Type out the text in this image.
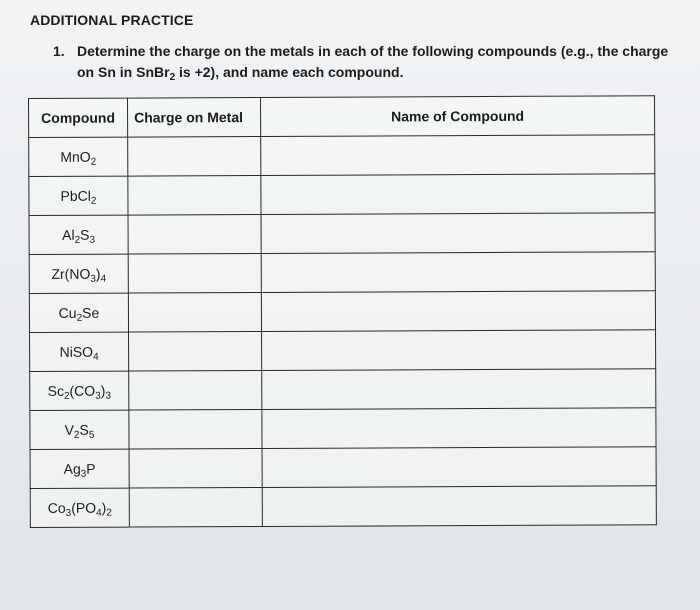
ADDITIONAL PRACTICE
1. Determine the charge on the metals in each of the following compounds (e.g., the charge
on Sn in SnBr$_2$ is +2), and name each compound.
Compound	Charge on Metal	Name of Compound
MnO$_2$		
PbCl$_2$		
$Al_2S_3$		
$Zr(NO_3)_4$		
$Cu_2Se$		
NiSO$_4$		
$Sc_2(CO_3)_3$		
$V_2S_5$		
$Ag_3P$		
$Co_3(PO_4)_2$		
